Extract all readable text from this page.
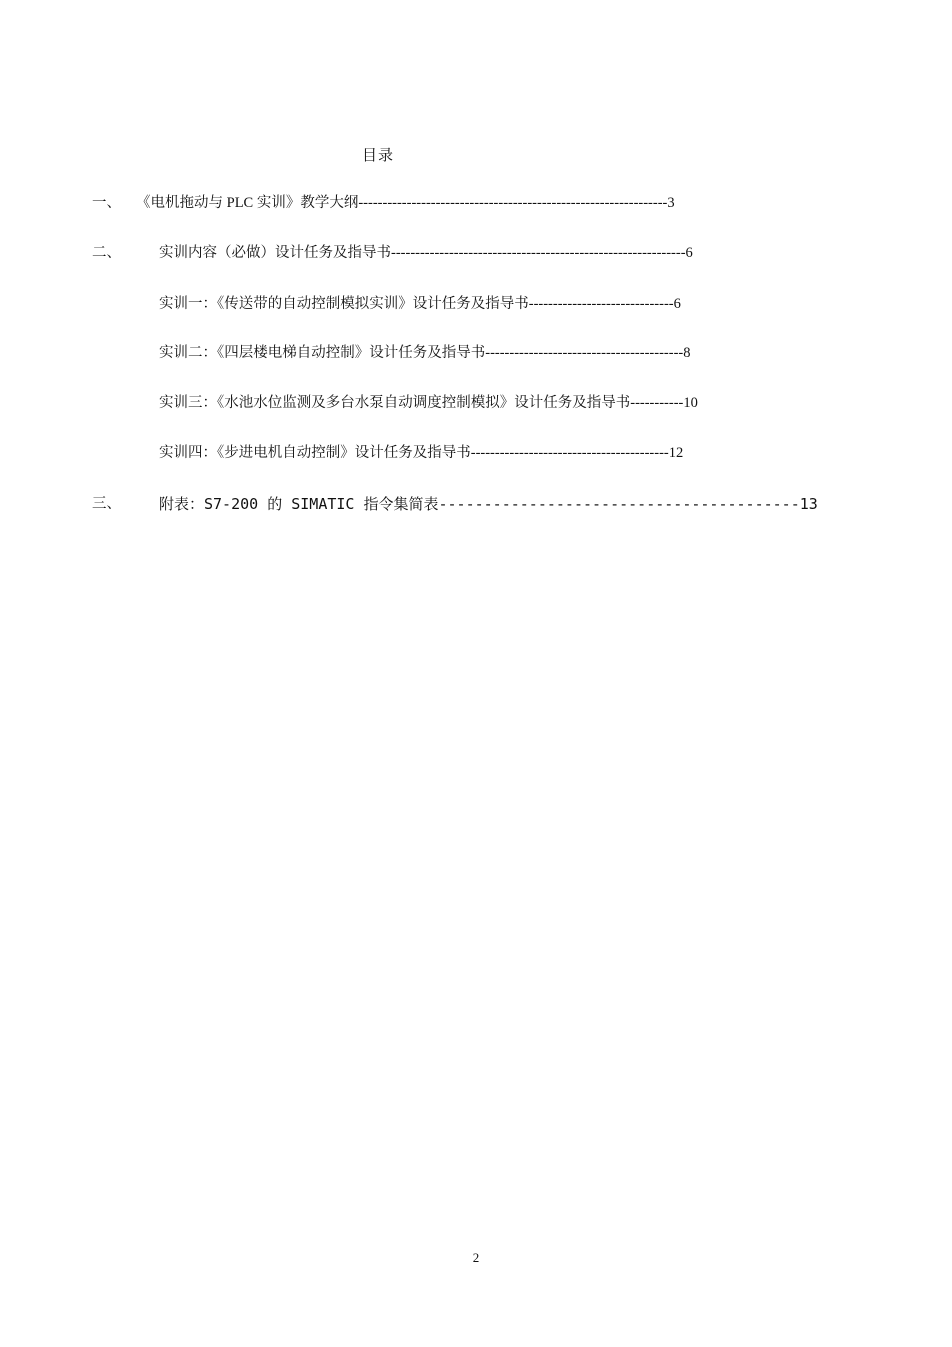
目录
一、 《电机拖动与 PLC 实训》教学大纲----------------------------------------------------------------3
二、	实训内容（必做）设计任务及指导书-------------------------------------------------------------6
实训一：《传送带的自动控制模拟实训》设计任务及指导书------------------------------6
实训二：《四层楼电梯自动控制》设计任务及指导书-----------------------------------------8
实训三：《水池水位监测及多台水泵自动调度控制模拟》设计任务及指导书-----------10
实训四：《步进电机自动控制》设计任务及指导书-----------------------------------------12
三、	附表：S7-200 的 SIMATIC 指令集简表----------------------------------------13
2
